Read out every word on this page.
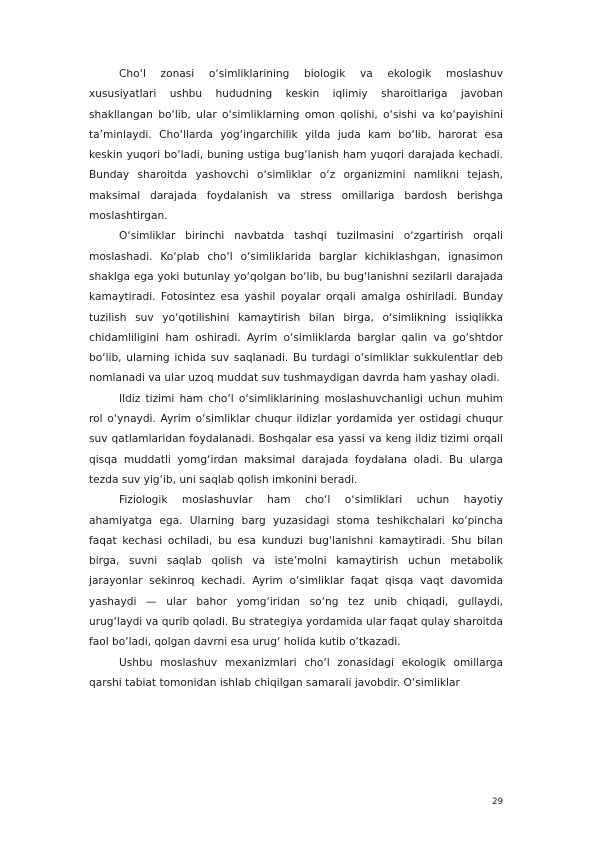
Cho‘l zonasi o‘simliklarining biologik va ekologik moslashuv xususiyatlari ushbu hududning keskin iqlimiy sharoitlariga javoban shakllangan bo‘lib, ular o‘simliklarning omon qolishi, o‘sishi va ko‘payishini ta’minlaydi. Cho‘llarda yog‘ingarchilik yilda juda kam bo‘lib, harorat esa keskin yuqori bo‘ladi, buning ustiga bug‘lanish ham yuqori darajada kechadi. Bunday sharoitda yashovchi o‘simliklar o‘z organizmini namlikni tejash, maksimal darajada foydalanish va stress omillariga bardosh berishga moslashtirgan.

O‘simliklar birinchi navbatda tashqi tuzilmasini o‘zgartirish orqali moslashadi. Ko‘plab cho‘l o‘simliklarida barglar kichiklashgan, ignasimon shaklga ega yoki butunlay yo‘qolgan bo‘lib, bu bug‘lanishni sezilarli darajada kamaytiradi. Fotosintez esa yashil poyalar orqali amalga oshiriladi. Bunday tuzilish suv yo‘qotilishini kamaytirish bilan birga, o‘simlikning issiqlikka chidamliligini ham oshiradi. Ayrim o‘simliklarda barglar qalin va go‘shtdor bo‘lib, ularning ichida suv saqlanadi. Bu turdagi o‘simliklar sukkulentlar deb nomlanadi va ular uzoq muddat suv tushmaydigan davrda ham yashay oladi.

Ildiz tizimi ham cho‘l o‘simliklarining moslashuvchanligi uchun muhim rol o‘ynaydi. Ayrim o‘simliklar chuqur ildizlar yordamida yer ostidagi chuqur suv qatlamlaridan foydalanadi. Boshqalar esa yassi va keng ildiz tizimi orqali qisqa muddatli yomg‘irdan maksimal darajada foydalana oladi. Bu ularga tezda suv yig‘ib, uni saqlab qolish imkonini beradi.

Fiziologik moslashuvlar ham cho‘l o‘simliklari uchun hayotiy ahamiyatga ega. Ularning barg yuzasidagi stoma teshikchalari ko‘pincha faqat kechasi ochiladi, bu esa kunduzi bug‘lanishni kamaytiradi. Shu bilan birga, suvni saqlab qolish va iste’molni kamaytirish uchun metabolik jarayonlar sekinroq kechadi. Ayrim o‘simliklar faqat qisqa vaqt davomida yashaydi — ular bahor yomg‘iridan so‘ng tez unib chiqadi, gullaydi, urug‘laydi va qurib qoladi. Bu strategiya yordamida ular faqat qulay sharoitda faol bo‘ladi, qolgan davrni esa urug‘ holida kutib o‘tkazadi.

Ushbu moslashuv mexanizmlari cho‘l zonasidagi ekologik omillarga qarshi tabiat tomonidan ishlab chiqilgan samarali javobdir. O‘simliklar

29
